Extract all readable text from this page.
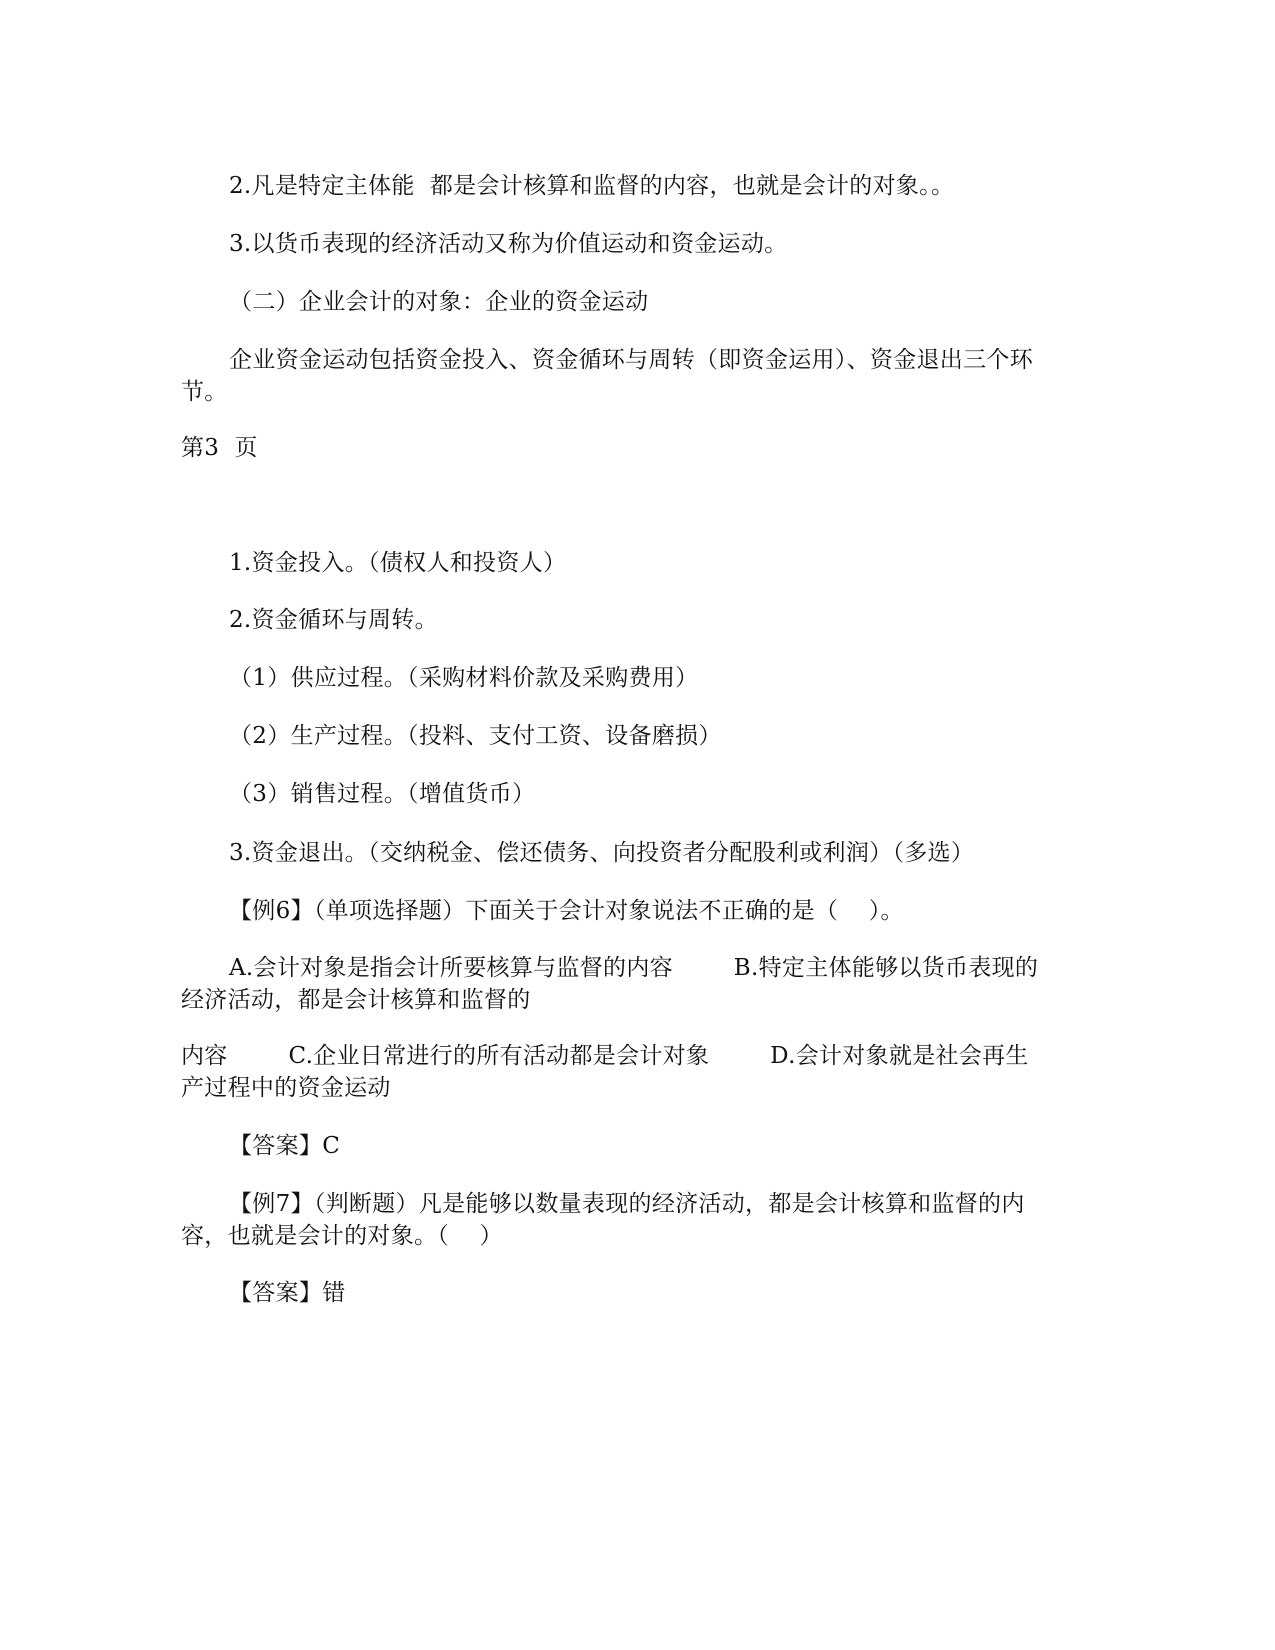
2.凡是特定主体能  都是会计核算和监督的内容，也就是会计的对象。。
3.以货币表现的经济活动又称为价值运动和资金运动。
（二）企业会计的对象：企业的资金运动
企业资金运动包括资金投入、资金循环与周转（即资金运用）、资金退出三个环节。
第3  页
1.资金投入。（债权人和投资人）
2.资金循环与周转。
（1）供应过程。（采购材料价款及采购费用）
（2）生产过程。（投料、支付工资、设备磨损）
（3）销售过程。（增值货币）
3.资金退出。（交纳税金、偿还债务、向投资者分配股利或利润）（多选）
【例6】（单项选择题）下面关于会计对象说法不正确的是（    ）。
A.会计对象是指会计所要核算与监督的内容        B.特定主体能够以货币表现的经济活动，都是会计核算和监督的
内容        C.企业日常进行的所有活动都是会计对象        D.会计对象就是社会再生产过程中的资金运动
【答案】C
【例7】（判断题）凡是能够以数量表现的经济活动，都是会计核算和监督的内容，也就是会计的对象。（    ）
【答案】错
